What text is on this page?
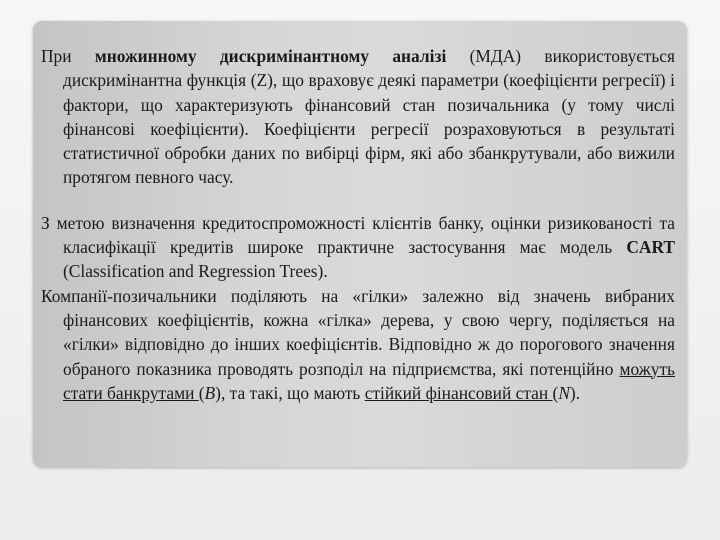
При множинному дискримінантному аналізі (МДА) використовується дискримінантна функція (Z), що враховує деякі параметри (коефіцієнти регресії) і фактори, що характеризують фінансовий стан позичальника (у тому числі фінансові коефіцієнти). Коефіцієнти регресії розраховуються в результаті статистичної обробки даних по вибірці фірм, які або збанкрутували, або вижили протягом певного часу.

З метою визначення кредитоспроможності клієнтів банку, оцінки ризикованості та класифікації кредитів широке практичне застосування має модель CART (Classification and Regression Trees).

Компанії-позичальники поділяють на «гілки» залежно від значень вибраних фінансових коефіцієнтів, кожна «гілка» дерева, у свою чергу, поділяється на «гілки» відповідно до інших коефіцієнтів. Відповідно ж до порогового значення обраного показника проводять розподіл на підприємства, які потенційно можуть стати банкрутами (B), та такі, що мають стійкий фінансовий стан (N).
